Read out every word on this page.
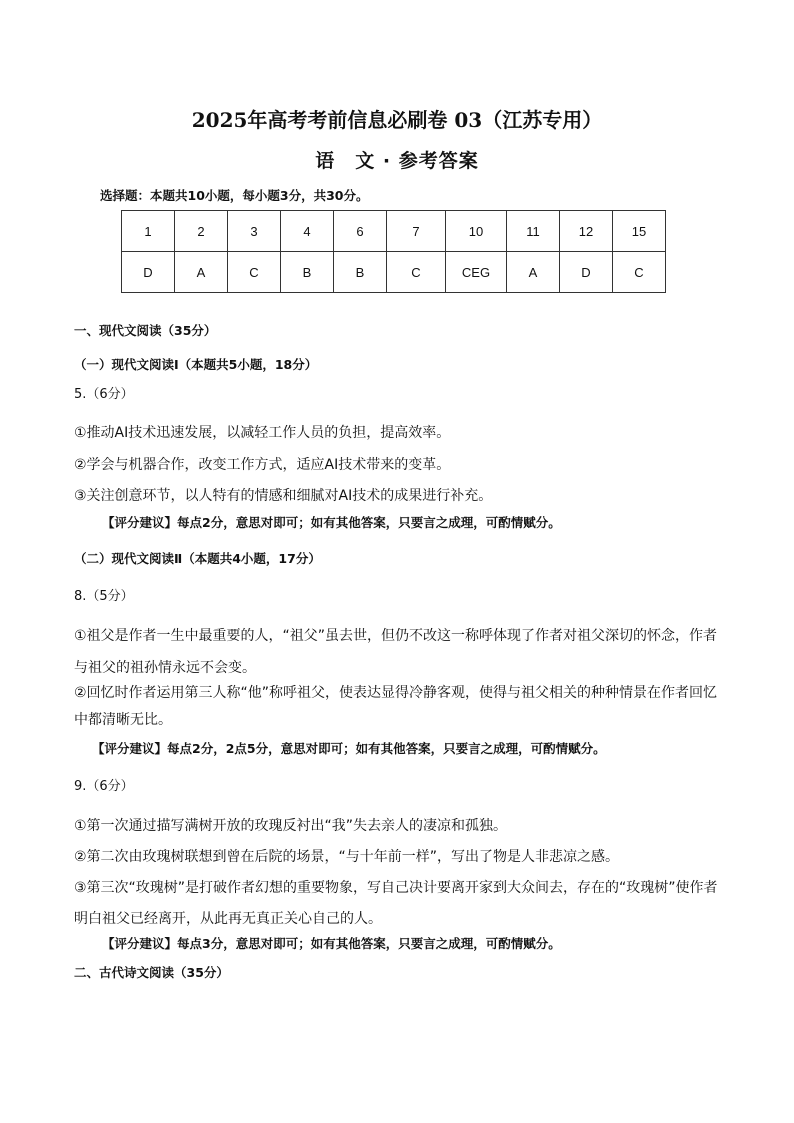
2025年高考考前信息必刷卷 03（江苏专用）
语　文 · 参考答案
选择题：本题共10小题，每小题3分，共30分。
1	2	3	4	6	7	10	11	12	15
D	A	C	B	B	C	CEG	A	D	C
一、现代文阅读（35分）
（一）现代文阅读Ⅰ（本题共5小题，18分）
5.（6分）
①推动AI技术迅速发展，以减轻工作人员的负担，提高效率。
②学会与机器合作，改变工作方式，适应AI技术带来的变革。
③关注创意环节，以人特有的情感和细腻对AI技术的成果进行补充。
【评分建议】每点2分，意思对即可；如有其他答案，只要言之成理，可酌情赋分。
（二）现代文阅读Ⅱ（本题共4小题，17分）
8.（5分）
①祖父是作者一生中最重要的人，“祖父”虽去世，但仍不改这一称呼体现了作者对祖父深切的怀念，作者
与祖父的祖孙情永远不会变。
②回忆时作者运用第三人称“他”称呼祖父，使表达显得冷静客观，使得与祖父相关的种种情景在作者回忆
中都清晰无比。
【评分建议】每点2分，2点5分，意思对即可；如有其他答案，只要言之成理，可酌情赋分。
9.（6分）
①第一次通过描写满树开放的玫瑰反衬出“我”失去亲人的凄凉和孤独。
②第二次由玫瑰树联想到曾在后院的场景，“与十年前一样”，写出了物是人非悲凉之感。
③第三次“玫瑰树”是打破作者幻想的重要物象，写自己决计要离开家到大众间去，存在的“玫瑰树”使作者
明白祖父已经离开，从此再无真正关心自己的人。
【评分建议】每点3分，意思对即可；如有其他答案，只要言之成理，可酌情赋分。
二、古代诗文阅读（35分）
